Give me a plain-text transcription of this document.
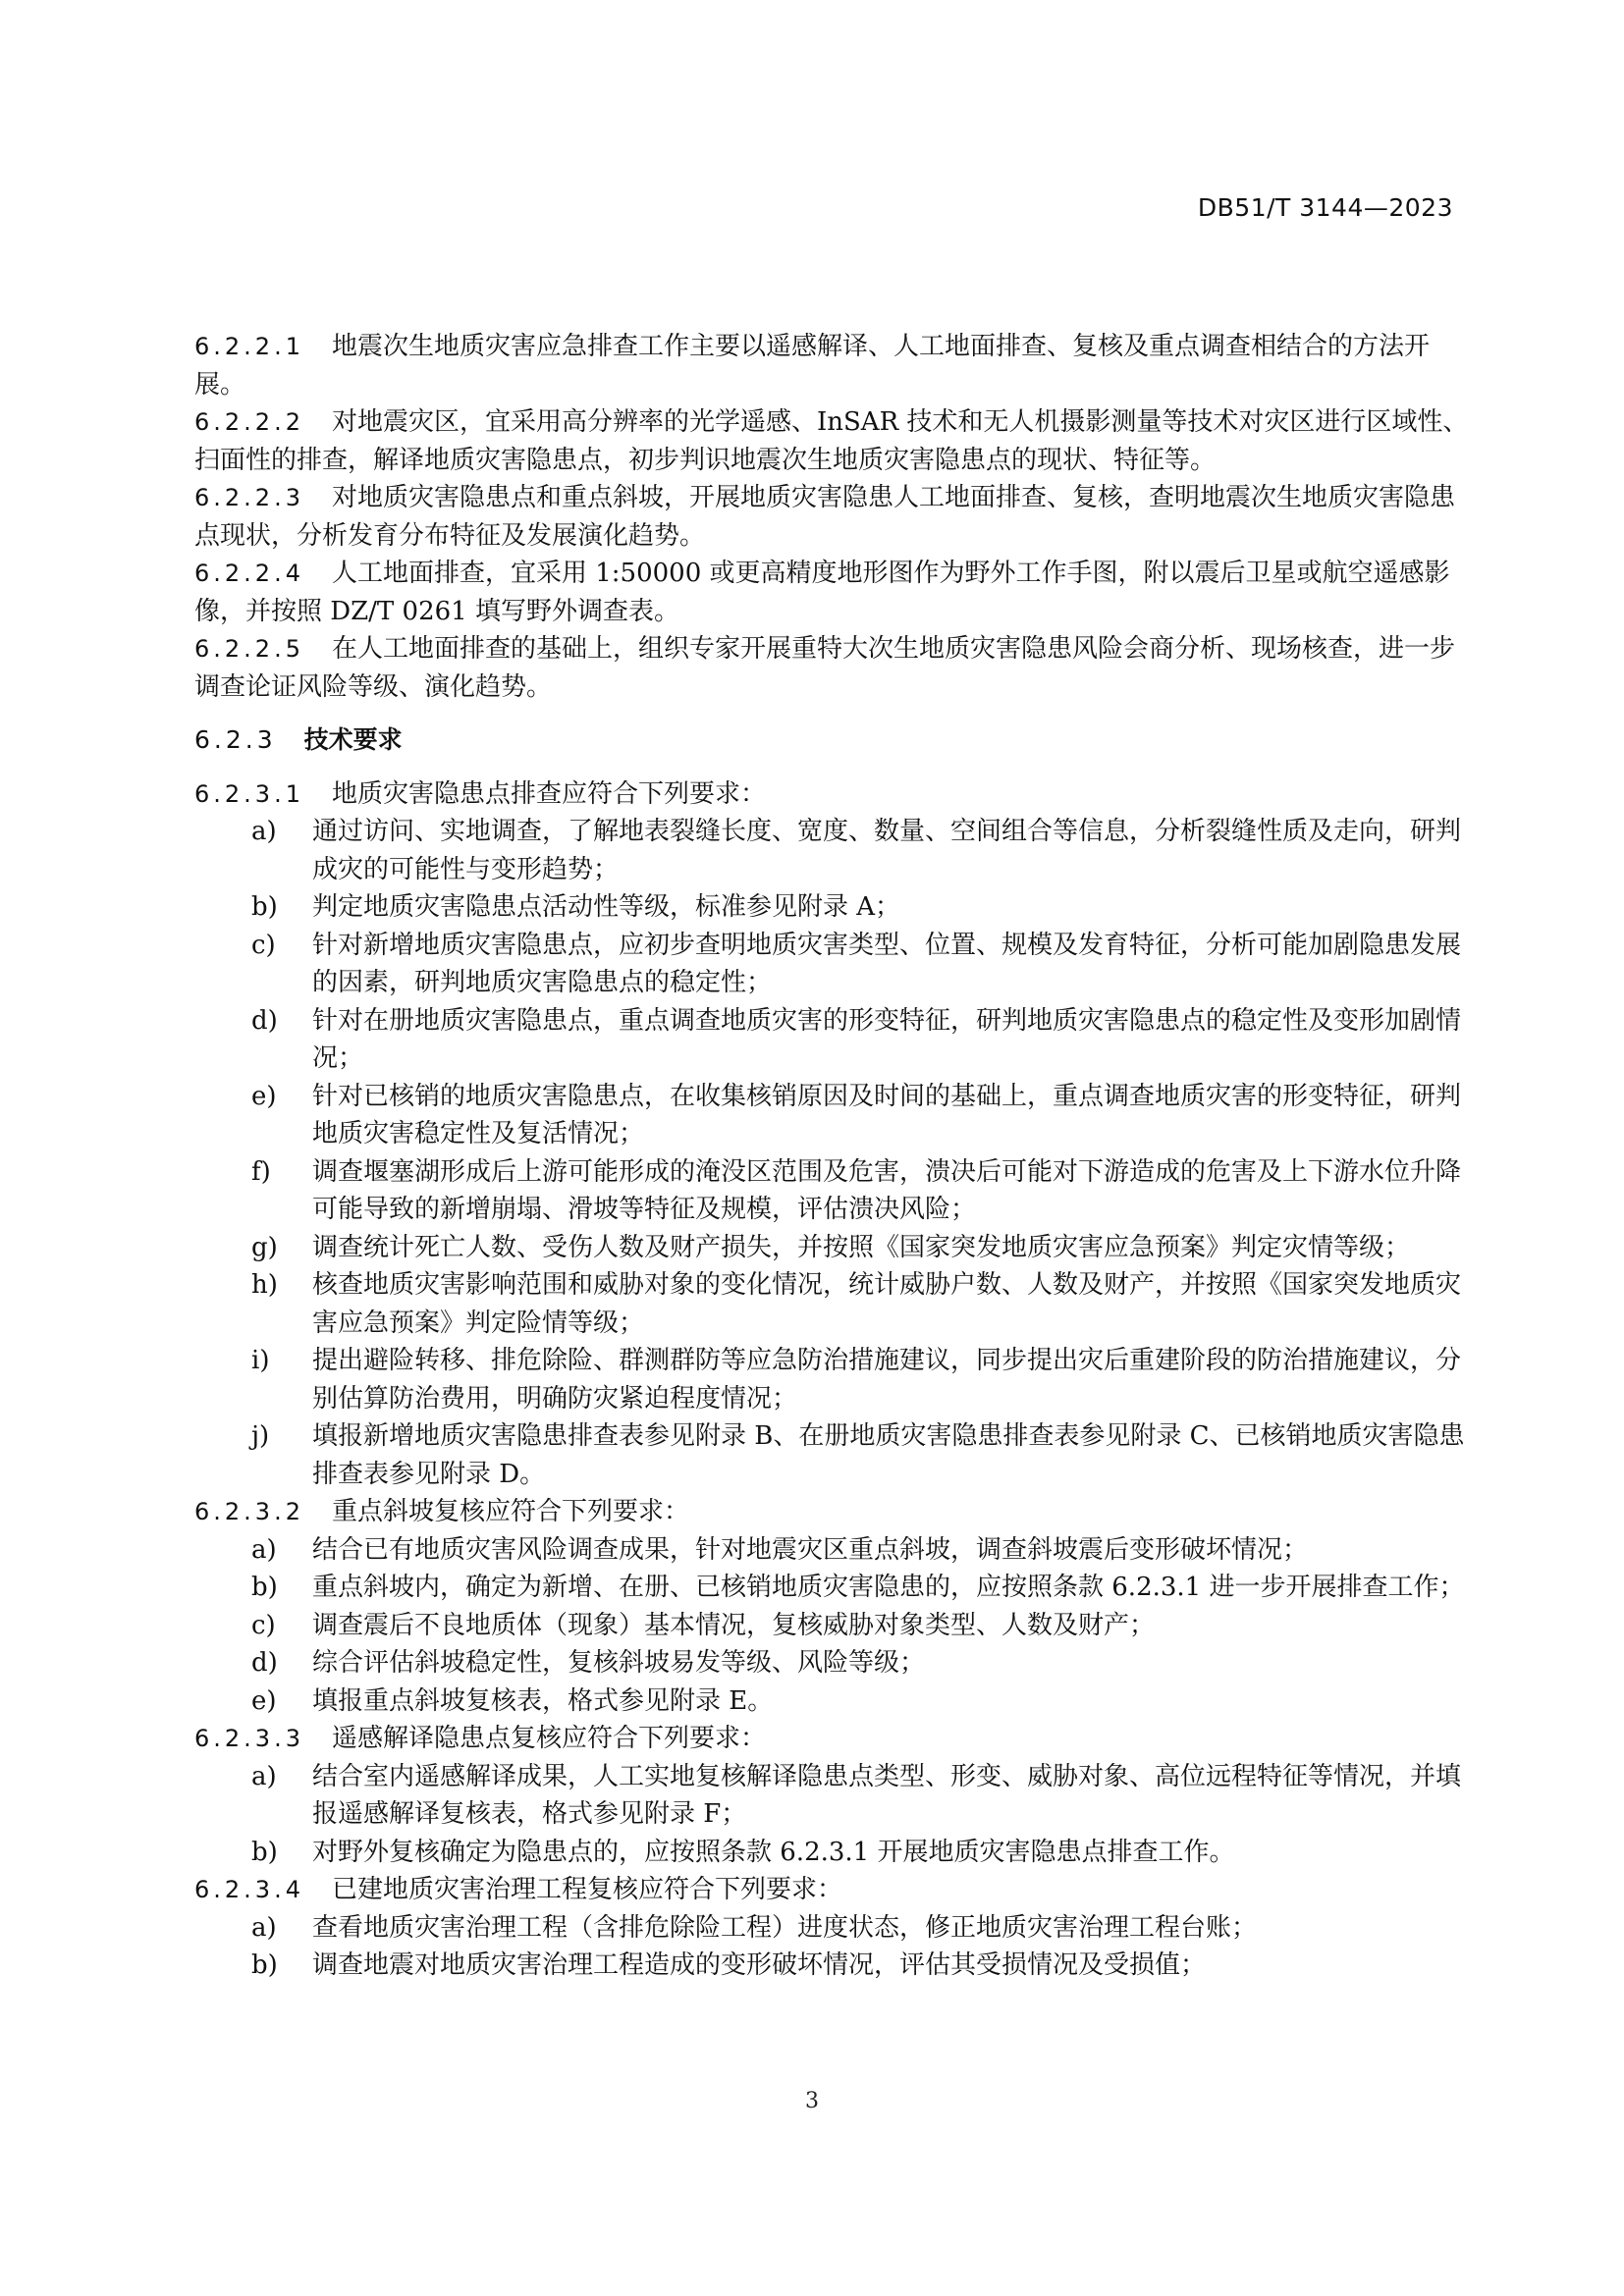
DB51/T 3144—2023
6.2.2.1 地震次生地质灾害应急排查工作主要以遥感解译、人工地面排查、复核及重点调查相结合的方法开展。
6.2.2.2 对地震灾区，宜采用高分辨率的光学遥感、InSAR 技术和无人机摄影测量等技术对灾区进行区域性、扫面性的排查，解译地质灾害隐患点，初步判识地震次生地质灾害隐患点的现状、特征等。
6.2.2.3 对地质灾害隐患点和重点斜坡，开展地质灾害隐患人工地面排查、复核，查明地震次生地质灾害隐患点现状，分析发育分布特征及发展演化趋势。
6.2.2.4 人工地面排查，宜采用 1:50000 或更高精度地形图作为野外工作手图，附以震后卫星或航空遥感影像，并按照 DZ/T 0261 填写野外调查表。
6.2.2.5 在人工地面排查的基础上，组织专家开展重特大次生地质灾害隐患风险会商分析、现场核查，进一步调查论证风险等级、演化趋势。
6.2.3 技术要求
6.2.3.1 地质灾害隐患点排查应符合下列要求：
a) 通过访问、实地调查，了解地表裂缝长度、宽度、数量、空间组合等信息，分析裂缝性质及走向，研判成灾的可能性与变形趋势；
b) 判定地质灾害隐患点活动性等级，标准参见附录 A；
c) 针对新增地质灾害隐患点，应初步查明地质灾害类型、位置、规模及发育特征，分析可能加剧隐患发展的因素，研判地质灾害隐患点的稳定性；
d) 针对在册地质灾害隐患点，重点调查地质灾害的形变特征，研判地质灾害隐患点的稳定性及变形加剧情况；
e) 针对已核销的地质灾害隐患点，在收集核销原因及时间的基础上，重点调查地质灾害的形变特征，研判地质灾害稳定性及复活情况；
f) 调查堰塞湖形成后上游可能形成的淹没区范围及危害，溃决后可能对下游造成的危害及上下游水位升降可能导致的新增崩塌、滑坡等特征及规模，评估溃决风险；
g) 调查统计死亡人数、受伤人数及财产损失，并按照《国家突发地质灾害应急预案》判定灾情等级；
h) 核查地质灾害影响范围和威胁对象的变化情况，统计威胁户数、人数及财产，并按照《国家突发地质灾害应急预案》判定险情等级；
i) 提出避险转移、排危除险、群测群防等应急防治措施建议，同步提出灾后重建阶段的防治措施建议，分别估算防治费用，明确防灾紧迫程度情况；
j) 填报新增地质灾害隐患排查表参见附录 B、在册地质灾害隐患排查表参见附录 C、已核销地质灾害隐患排查表参见附录 D。
6.2.3.2 重点斜坡复核应符合下列要求：
a) 结合已有地质灾害风险调查成果，针对地震灾区重点斜坡，调查斜坡震后变形破坏情况；
b) 重点斜坡内，确定为新增、在册、已核销地质灾害隐患的，应按照条款 6.2.3.1 进一步开展排查工作；
c) 调查震后不良地质体（现象）基本情况，复核威胁对象类型、人数及财产；
d) 综合评估斜坡稳定性，复核斜坡易发等级、风险等级；
e) 填报重点斜坡复核表，格式参见附录 E。
6.2.3.3 遥感解译隐患点复核应符合下列要求：
a) 结合室内遥感解译成果，人工实地复核解译隐患点类型、形变、威胁对象、高位远程特征等情况，并填报遥感解译复核表，格式参见附录 F；
b) 对野外复核确定为隐患点的，应按照条款 6.2.3.1 开展地质灾害隐患点排查工作。
6.2.3.4 已建地质灾害治理工程复核应符合下列要求：
a) 查看地质灾害治理工程（含排危除险工程）进度状态，修正地质灾害治理工程台账；
b) 调查地震对地质灾害治理工程造成的变形破坏情况，评估其受损情况及受损值；
3
